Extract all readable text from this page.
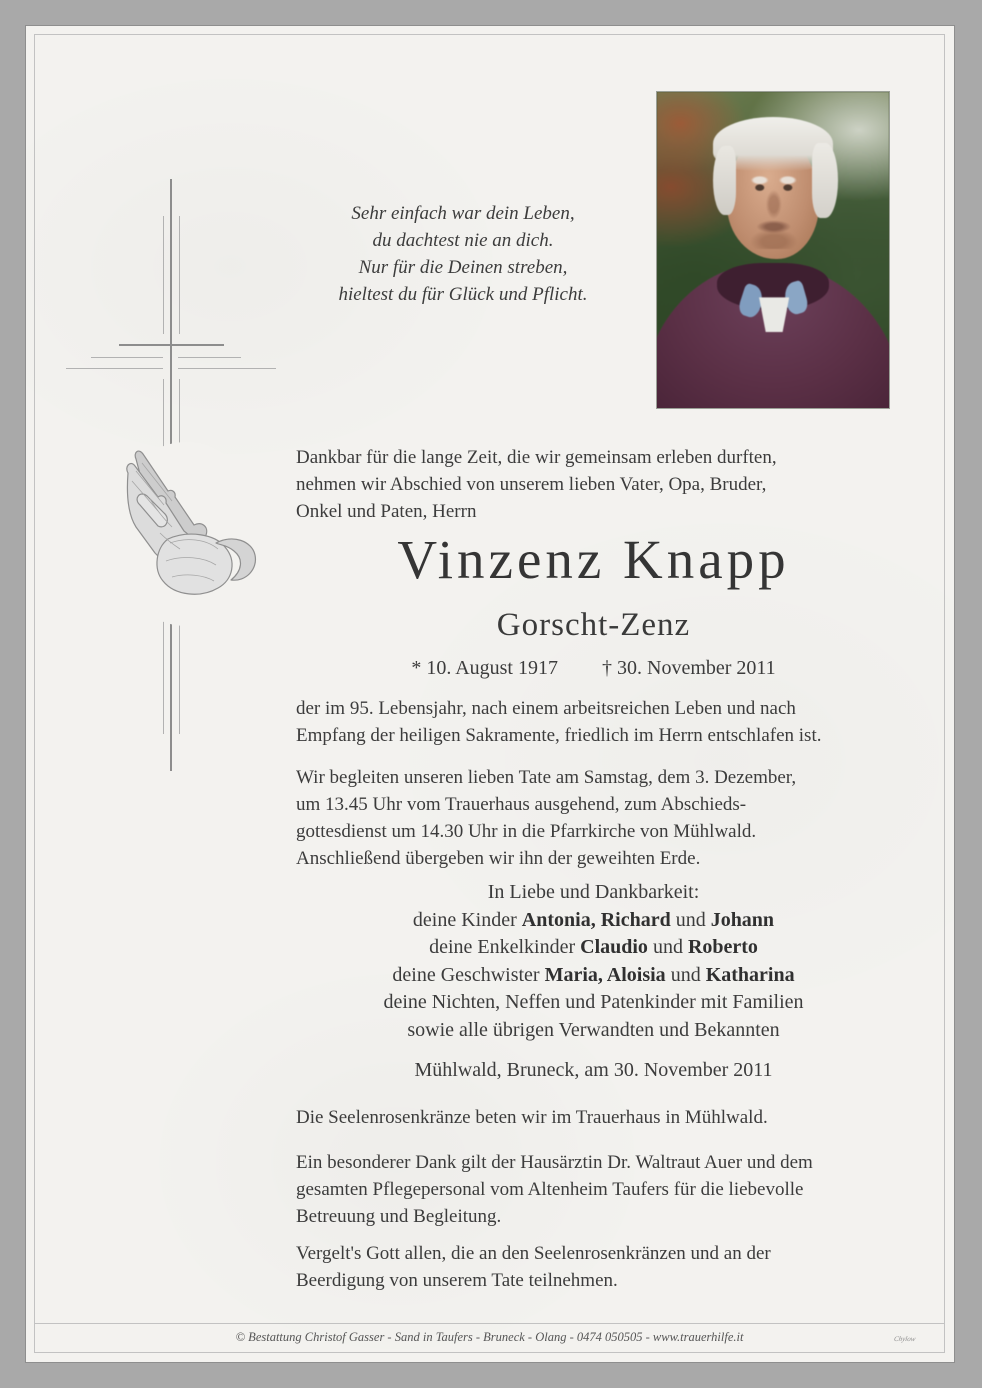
Sehr einfach war dein Leben,
du dachtest nie an dich.
Nur für die Deinen streben,
hieltest du für Glück und Pflicht.
Dankbar für die lange Zeit, die wir gemeinsam erleben durften,
nehmen wir Abschied von unserem lieben Vater, Opa, Bruder,
Onkel und Paten, Herrn
Vinzenz Knapp
Gorscht-Zenz
* 10. August 1917 † 30. November 2011
der im 95. Lebensjahr, nach einem arbeitsreichen Leben und nach
Empfang der heiligen Sakramente, friedlich im Herrn entschlafen ist.
Wir begleiten unseren lieben Tate am Samstag, dem 3. Dezember,
um 13.45 Uhr vom Trauerhaus ausgehend, zum Abschieds-
gottesdienst um 14.30 Uhr in die Pfarrkirche von Mühlwald.
Anschließend übergeben wir ihn der geweihten Erde.
In Liebe und Dankbarkeit:
deine Kinder Antonia, Richard und Johann
deine Enkelkinder Claudio und Roberto
deine Geschwister Maria, Aloisia und Katharina
deine Nichten, Neffen und Patenkinder mit Familien
sowie alle übrigen Verwandten und Bekannten
Mühlwald, Bruneck, am 30. November 2011
Die Seelenrosenkränze beten wir im Trauerhaus in Mühlwald.
Ein besonderer Dank gilt der Hausärztin Dr. Waltraut Auer und dem
gesamten Pflegepersonal vom Altenheim Taufers für die liebevolle
Betreuung und Begleitung.
Vergelt's Gott allen, die an den Seelenrosenkränzen und an der
Beerdigung von unserem Tate teilnehmen.
© Bestattung Christof Gasser - Sand in Taufers - Bruneck - Olang - 0474 050505 - www.trauerhilfe.it	Chylow
